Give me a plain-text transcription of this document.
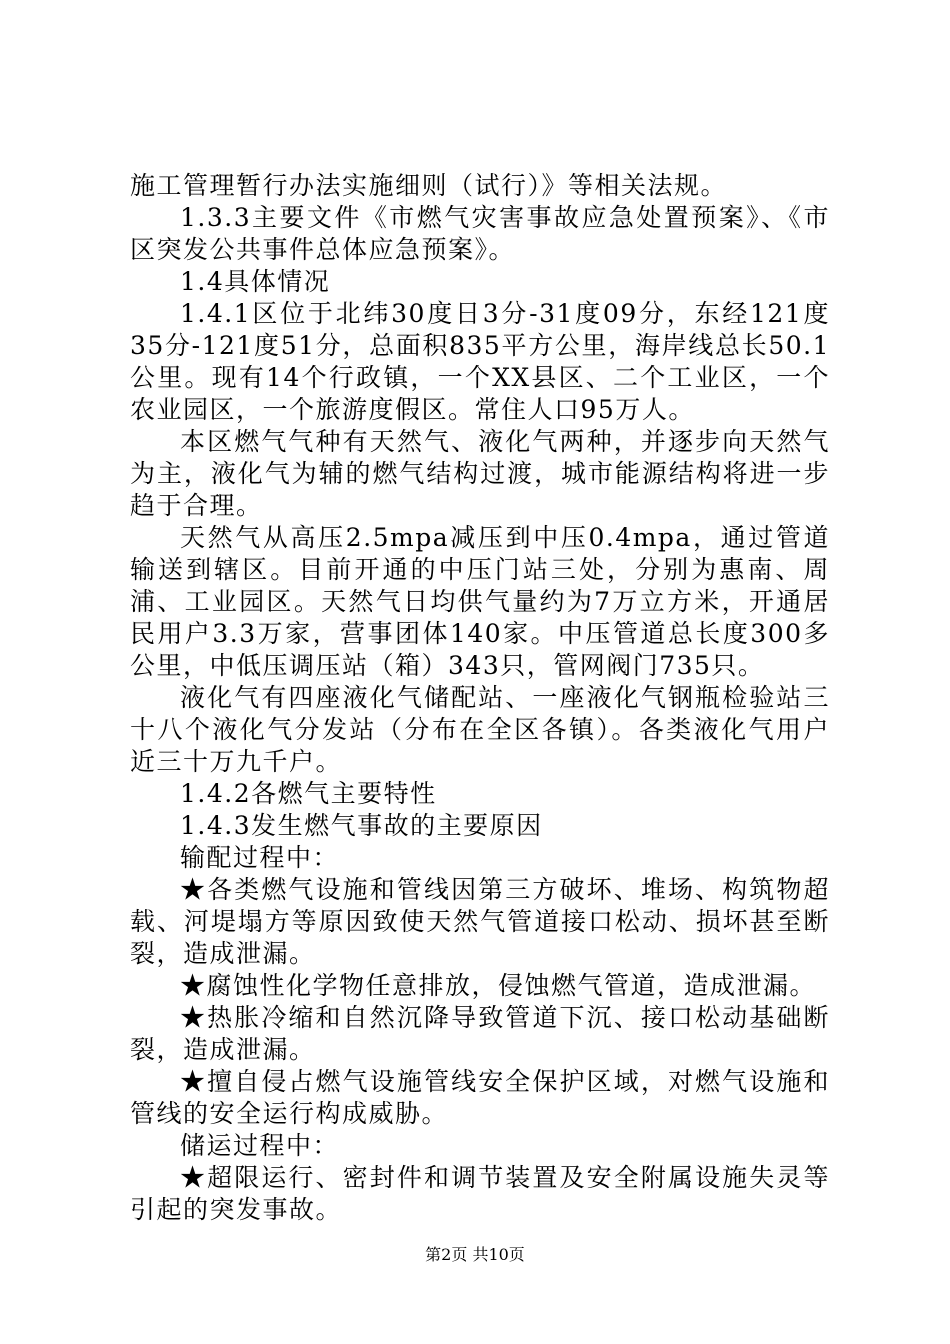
施工管理暂行办法实施细则（试行）》等相关法规。

1.3.3主要文件《市燃气灾害事故应急处置预案》、《市区突发公共事件总体应急预案》。

1.4具体情况

1.4.1区位于北纬30度日3分-31度09分，东经121度35分-121度51分，总面积835平方公里，海岸线总长50.1公里。现有14个行政镇，一个XX县区、二个工业区，一个农业园区，一个旅游度假区。常住人口95万人。

本区燃气气种有天然气、液化气两种，并逐步向天然气为主，液化气为辅的燃气结构过渡，城市能源结构将进一步趋于合理。

天然气从高压2.5mpa减压到中压0.4mpa，通过管道输送到辖区。目前开通的中压门站三处，分别为惠南、周浦、工业园区。天然气日均供气量约为7万立方米，开通居民用户3.3万家，营事团体140家。中压管道总长度300多公里，中低压调压站（箱）343只，管网阀门735只。

液化气有四座液化气储配站、一座液化气钢瓶检验站三十八个液化气分发站（分布在全区各镇）。各类液化气用户近三十万九千户。

1.4.2各燃气主要特性

1.4.3发生燃气事故的主要原因

输配过程中：

★各类燃气设施和管线因第三方破坏、堆场、构筑物超载、河堤塌方等原因致使天然气管道接口松动、损坏甚至断裂，造成泄漏。

★腐蚀性化学物任意排放，侵蚀燃气管道，造成泄漏。

★热胀冷缩和自然沉降导致管道下沉、接口松动基础断裂，造成泄漏。

★擅自侵占燃气设施管线安全保护区域，对燃气设施和管线的安全运行构成威胁。

储运过程中：

★超限运行、密封件和调节装置及安全附属设施失灵等引起的突发事故。

第2页 共10页
